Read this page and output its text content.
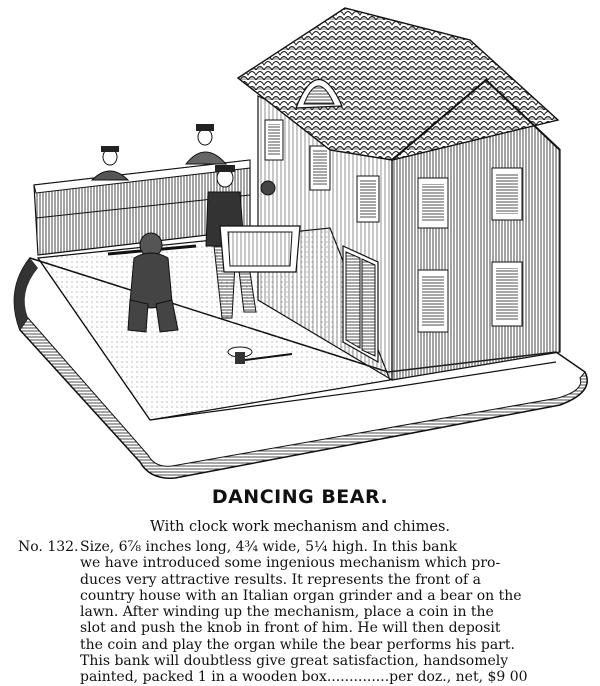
DANCING BEAR.
With clock work mechanism and chimes.
No. 132.Size, 6⅞ inches long, 4¾ wide, 5¼ high. In this bank
we have introduced some ingenious mechanism which pro-
duces very attractive results. It represents the front of a
country house with an Italian organ grinder and a bear on the
lawn. After winding up the mechanism, place a coin in the
slot and push the knob in front of him. He will then deposit
the coin and play the organ while the bear performs his part.
This bank will doubtless give great satisfaction, handsomely
painted, packed 1 in a wooden box..............per doz., net, $9 00
